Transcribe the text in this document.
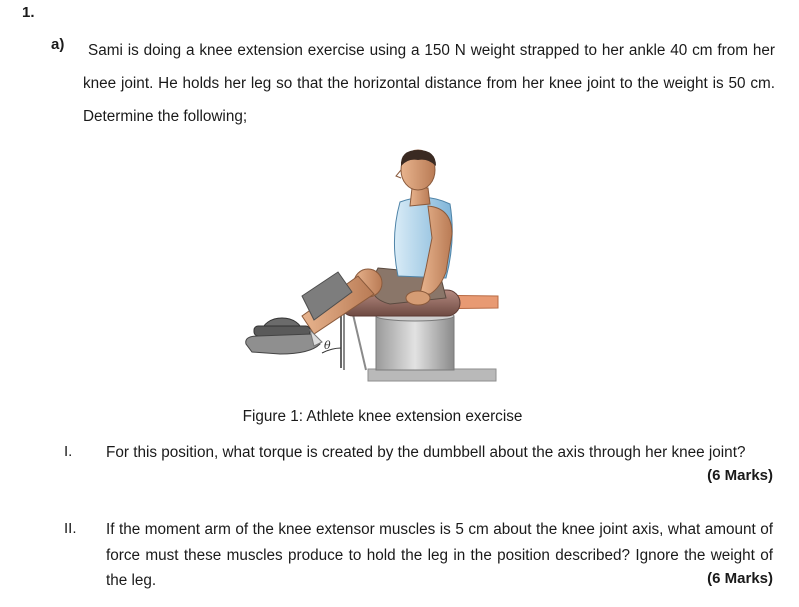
1.
a)	Sami is doing a knee extension exercise using a 150 N weight strapped to her ankle 40 cm from her knee joint. He holds her leg so that the horizontal distance from her knee joint to the weight is 50 cm. Determine the following;
θ
Figure 1: Athlete knee extension exercise
I. For this position, what torque is created by the dumbbell about the axis through her knee joint?
(6 Marks)
II. If the moment arm of the knee extensor muscles is 5 cm about the knee joint axis, what amount of force must these muscles produce to hold the leg in the position described? Ignore the weight of the leg.	(6 Marks)
